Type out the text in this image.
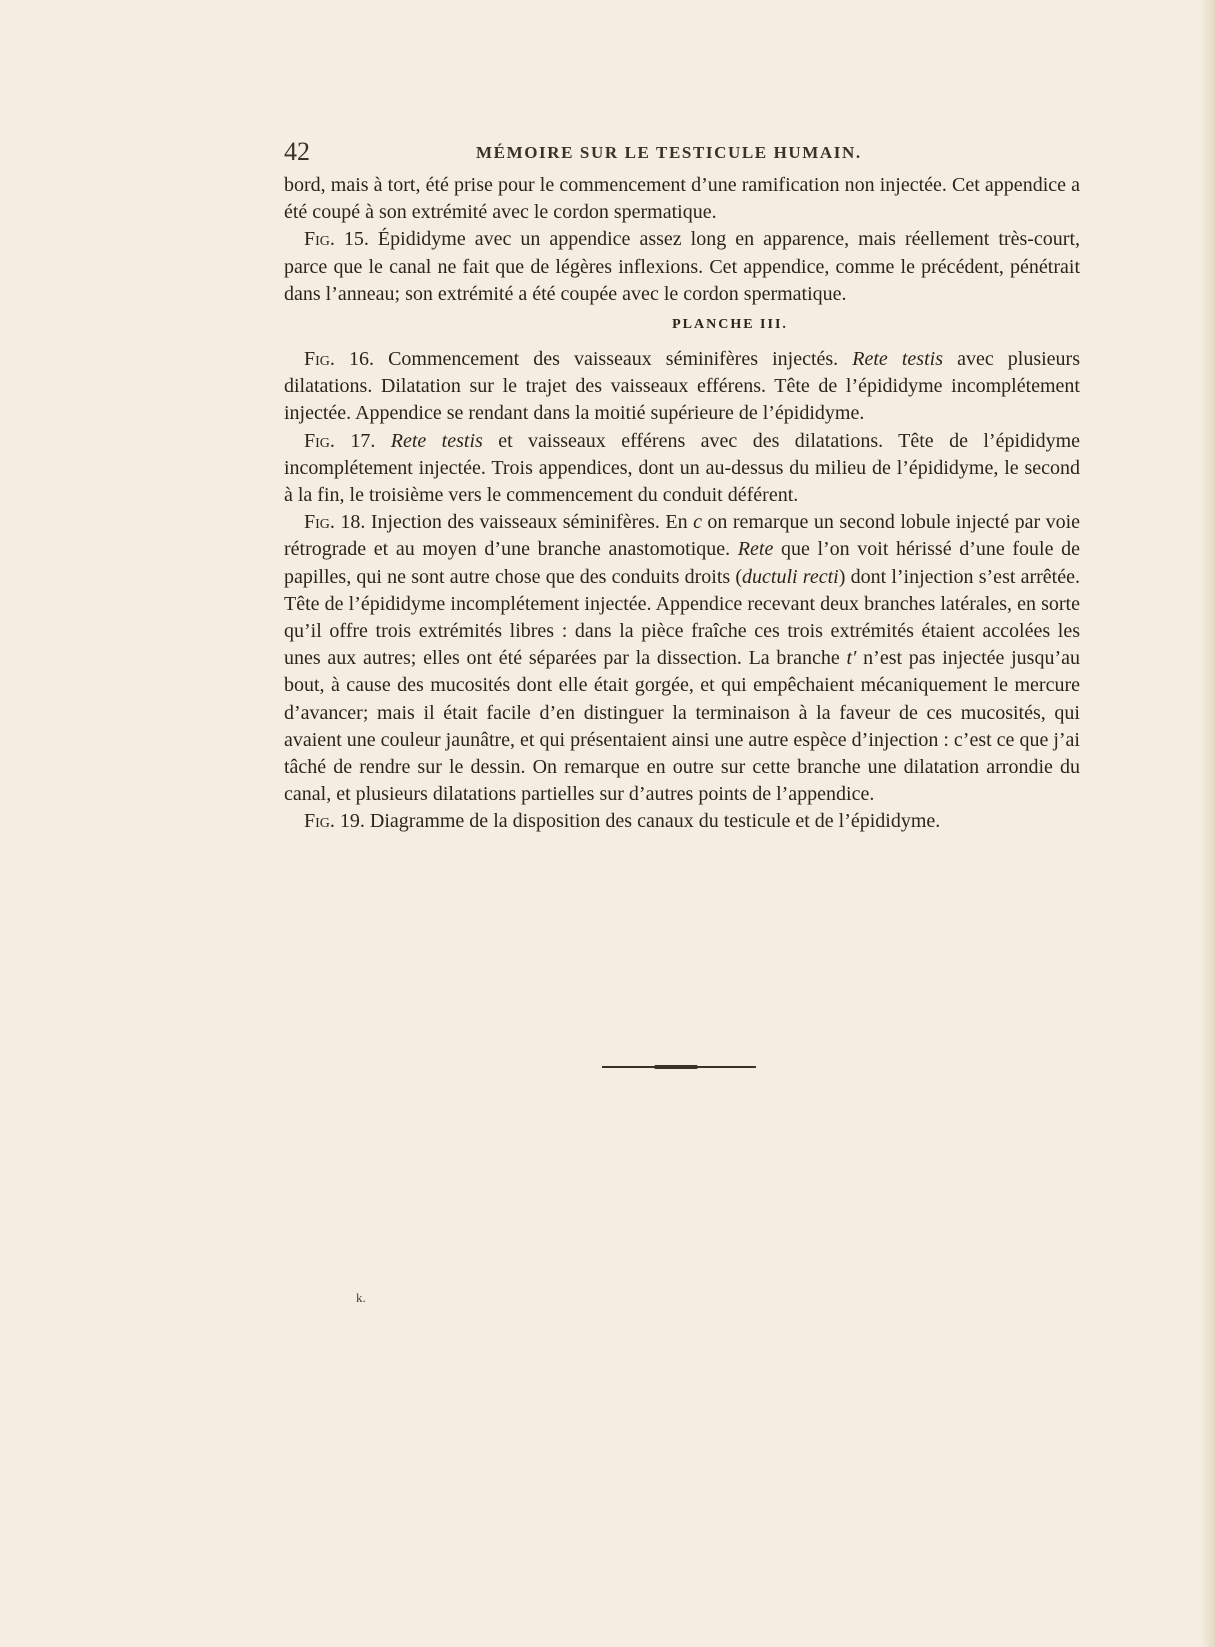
42	MÉMOIRE SUR LE TESTICULE HUMAIN.

bord, mais à tort, été prise pour le commencement d’une ramification non injectée. Cet appendice a été coupé à son extrémité avec le cordon spermatique.

Fig. 15. Épididyme avec un appendice assez long en apparence, mais réellement très-court, parce que le canal ne fait que de légères inflexions. Cet appendice, comme le précédent, pénétrait dans l’anneau; son extrémité a été coupée avec le cordon spermatique.

PLANCHE III.

Fig. 16. Commencement des vaisseaux séminifères injectés. Rete testis avec plusieurs dilatations. Dilatation sur le trajet des vaisseaux efférens. Tête de l’épididyme incomplétement injectée. Appendice se rendant dans la moitié supérieure de l’épididyme.

Fig. 17. Rete testis et vaisseaux efférens avec des dilatations. Tête de l’épididyme incomplétement injectée. Trois appendices, dont un au-dessus du milieu de l’épididyme, le second à la fin, le troisième vers le commencement du conduit déférent.

Fig. 18. Injection des vaisseaux séminifères. En c on remarque un second lobule injecté par voie rétrograde et au moyen d’une branche anastomotique. Rete que l’on voit hérissé d’une foule de papilles, qui ne sont autre chose que des conduits droits (ductuli recti) dont l’injection s’est arrêtée. Tête de l’épididyme incomplétement injectée. Appendice recevant deux branches latérales, en sorte qu’il offre trois extrémités libres : dans la pièce fraîche ces trois extrémités étaient accolées les unes aux autres; elles ont été séparées par la dissection. La branche t′ n’est pas injectée jusqu’au bout, à cause des mucosités dont elle était gorgée, et qui empêchaient mécaniquement le mercure d’avancer; mais il était facile d’en distinguer la terminaison à la faveur de ces mucosités, qui avaient une couleur jaunâtre, et qui présentaient ainsi une autre espèce d’injection : c’est ce que j’ai tâché de rendre sur le dessin. On remarque en outre sur cette branche une dilatation arrondie du canal, et plusieurs dilatations partielles sur d’autres points de l’appendice.

Fig. 19. Diagramme de la disposition des canaux du testicule et de l’épididyme.

k.
